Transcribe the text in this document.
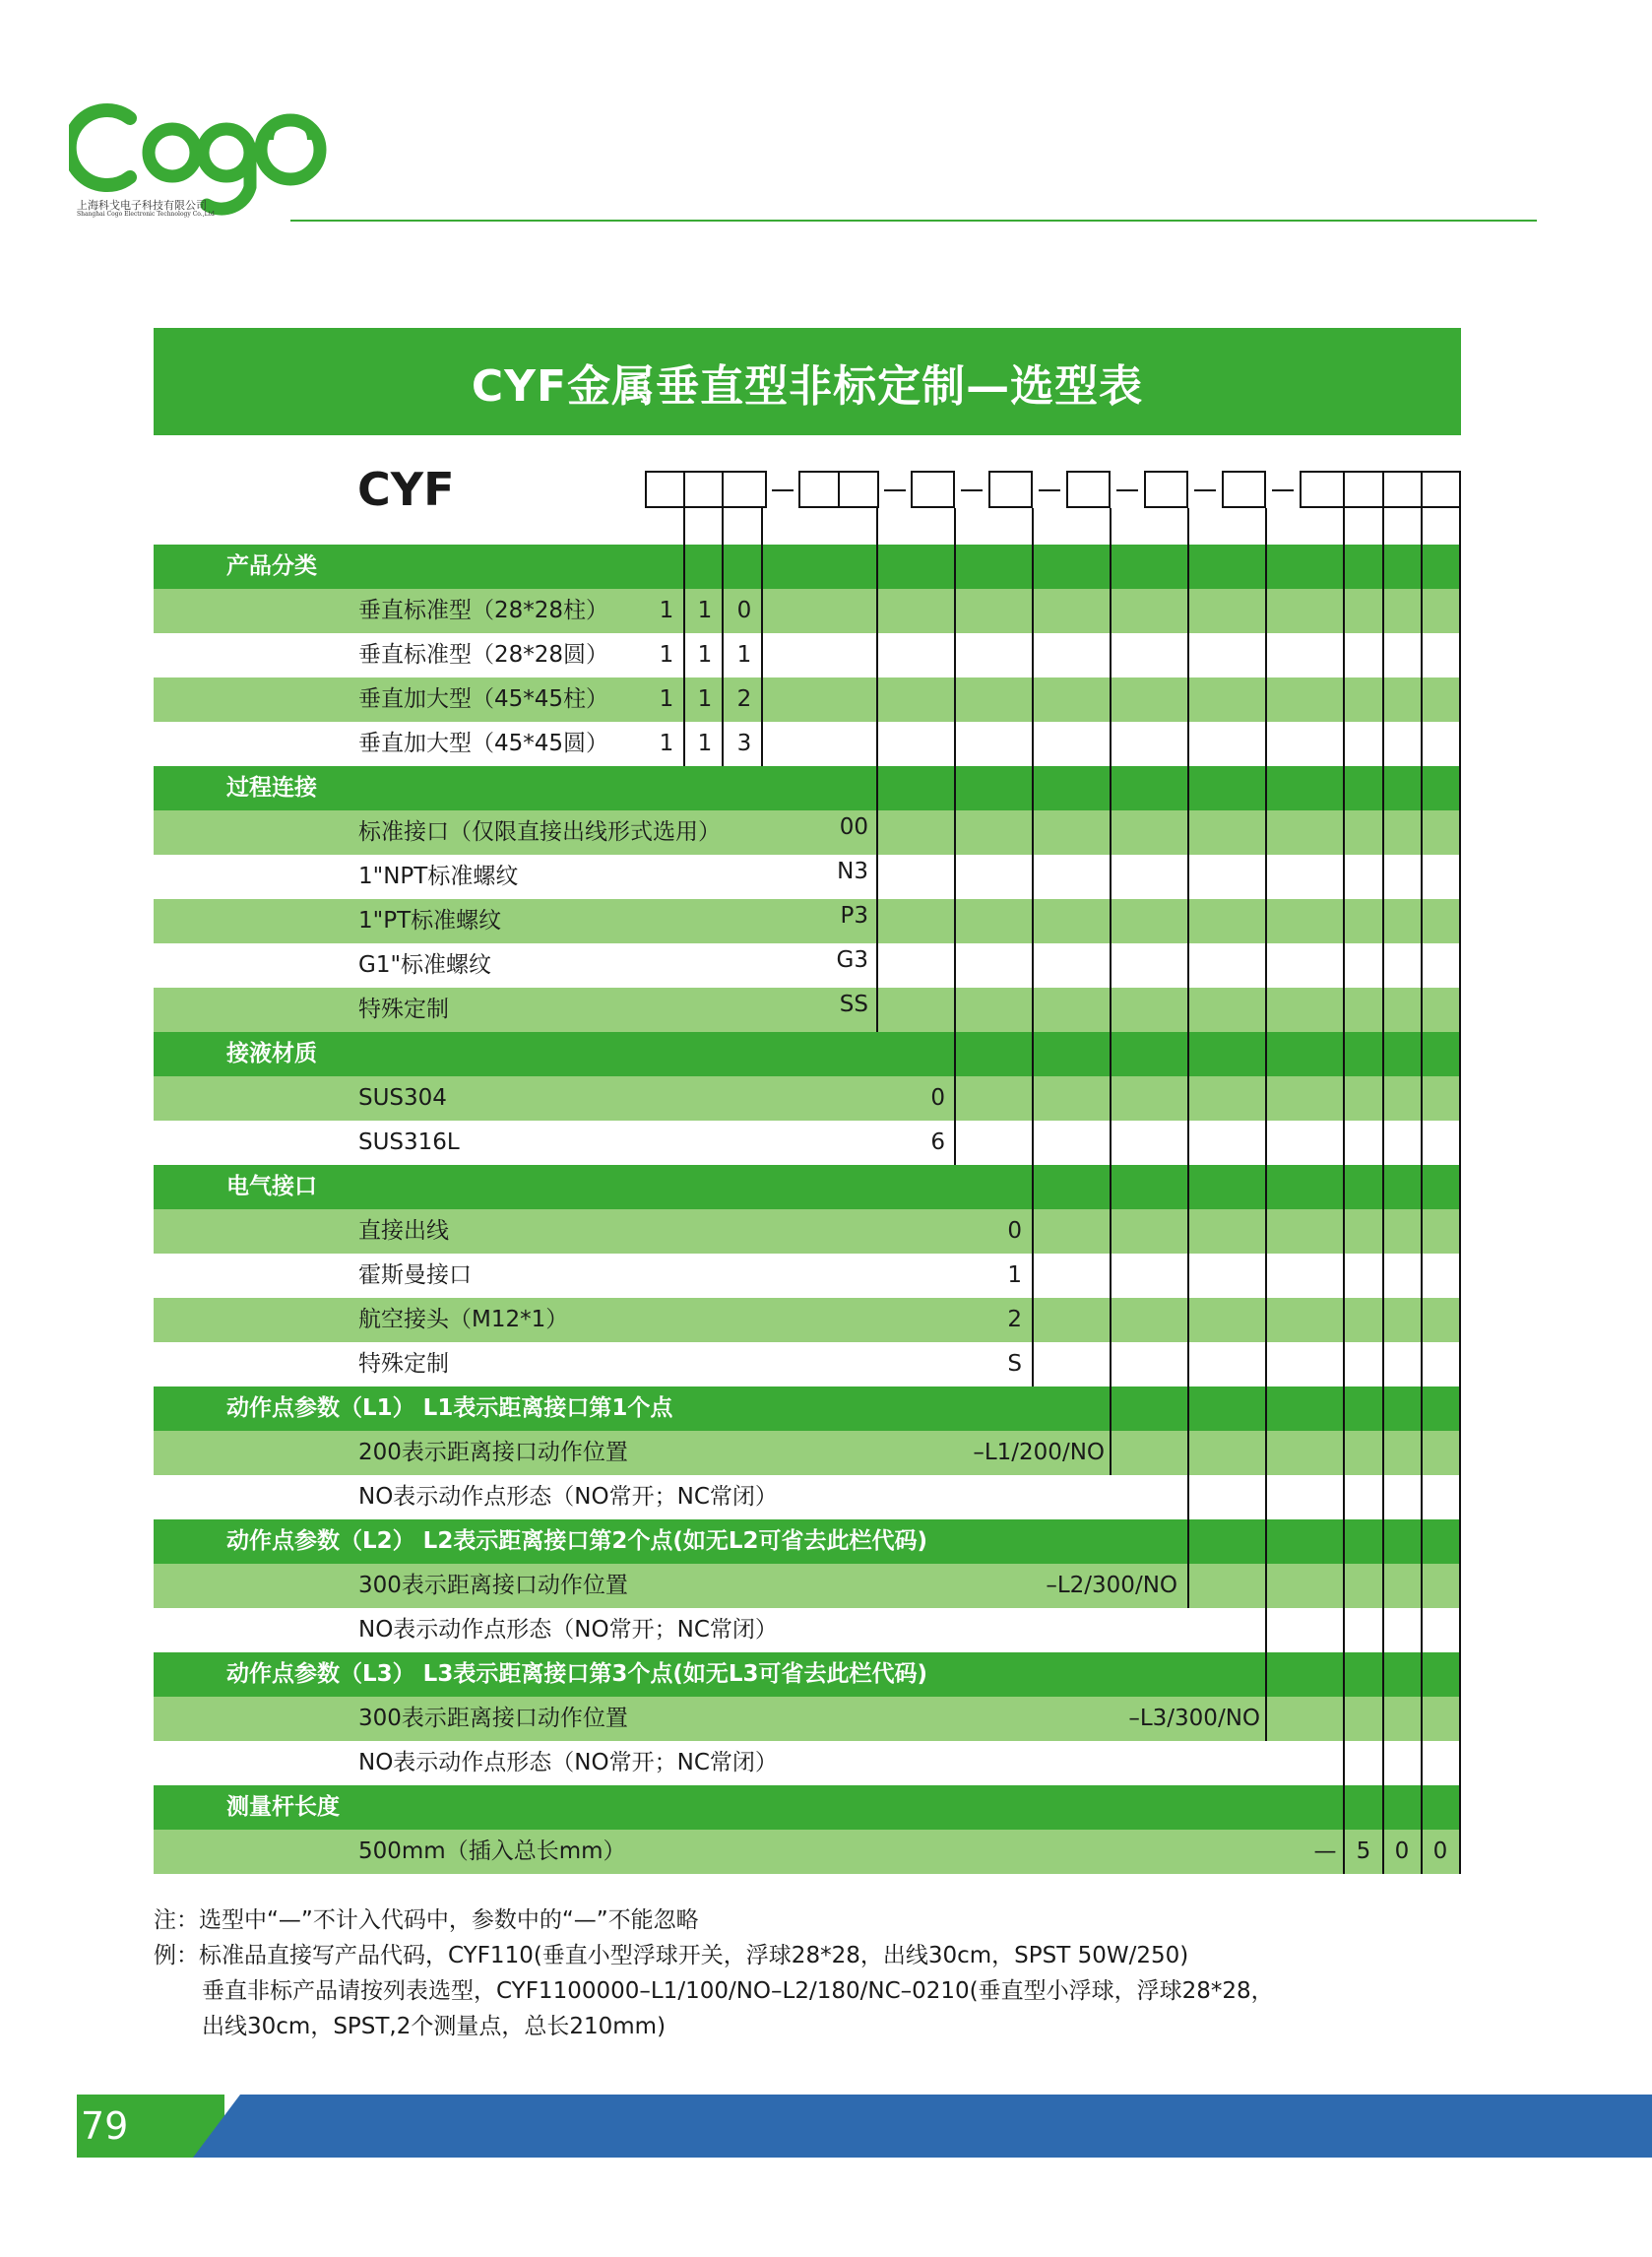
上海科戈电子科技有限公司
Shanghai Cogo Electronic Technology Co.,Ltd
CYF金属垂直型非标定制—选型表
CYF
产品分类
垂直标准型（28*28柱）
垂直标准型（28*28圆）
垂直加大型（45*45柱）
垂直加大型（45*45圆）
过程连接
标准接口（仅限直接出线形式选用）
1"NPT标准螺纹
1"PT标准螺纹
G1"标准螺纹
特殊定制
接液材质
SUS304
SUS316L
电气接口
直接出线
霍斯曼接口
航空接头（M12*1）
特殊定制
动作点参数（L1） L1表示距离接口第1个点
200表示距离接口动作位置
NO表示动作点形态（NO常开；NC常闭）
动作点参数（L2） L2表示距离接口第2个点(如无L2可省去此栏代码)
300表示距离接口动作位置
NO表示动作点形态（NO常开；NC常闭）
动作点参数（L3） L3表示距离接口第3个点(如无L3可省去此栏代码)
300表示距离接口动作位置
NO表示动作点形态（NO常开；NC常闭）
测量杆长度
500mm（插入总长mm）
1 1 0
1 1 1
1 1 2
1 1 3
00
N3
P3
G3
SS
0
6
0
1
2
S
–L1/200/NO
–L2/300/NO
–L3/300/NO
— 5 0 0
注：选型中“—”不计入代码中，参数中的“—”不能忽略
例：标准品直接写产品代码，CYF110(垂直小型浮球开关，浮球28*28，出线30cm，SPST 50W/250)
垂直非标产品请按列表选型，CYF1100000–L1/100/NO–L2/180/NC–0210(垂直型小浮球，浮球28*28，
出线30cm，SPST,2个测量点，总长210mm)
79
